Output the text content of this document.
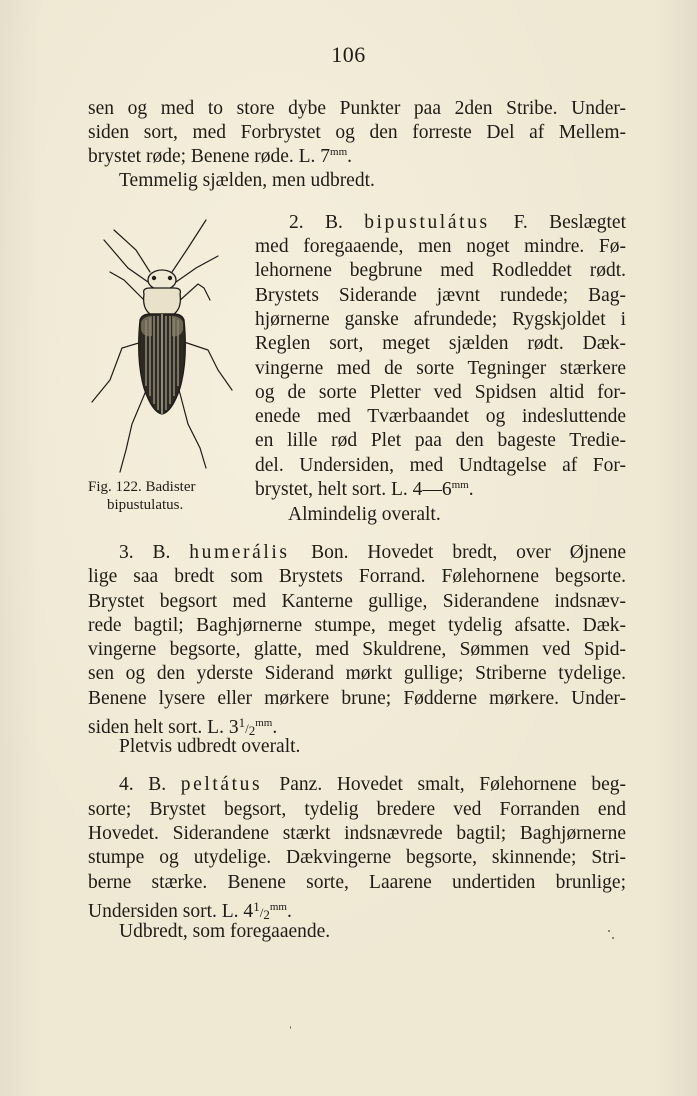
106
sen og med to store dybe Punkter paa 2den Stribe. Under-
siden sort, med Forbrystet og den forreste Del af Mellem-
brystet røde; Benene røde. L. $7^{mm}$.
Temmelig sjælden, men udbredt.
Fig. 122. Badister
bipustulatus.
2. B. bipustulátus F. Beslægtet
med foregaaende, men noget mindre. Fø-
lehornene begbrune med Rodleddet rødt.
Brystets Siderande jævnt rundede; Bag-
hjørnerne ganske afrundede; Rygskjoldet i
Reglen sort, meget sjælden rødt. Dæk-
vingerne med de sorte Tegninger stærkere
og de sorte Pletter ved Spidsen altid for-
enede med Tværbaandet og indesluttende
en lille rød Plet paa den bageste Tredie-
del. Undersiden, med Undtagelse af For-
brystet, helt sort. L. $4—6^{mm}$.
Almindelig overalt.
3. B. humerális Bon. Hovedet bredt, over Øjnene
lige saa bredt som Brystets Forrand. Følehornene begsorte.
Brystet begsort med Kanterne gullige, Siderandene indsnæv-
rede bagtil; Baghjørnerne stumpe, meget tydelig afsatte. Dæk-
vingerne begsorte, glatte, med Skuldrene, Sømmen ved Spid-
sen og den yderste Siderand mørkt gullige; Striberne tydelige.
Benene lysere eller mørkere brune; Fødderne mørkere. Under-
siden helt sort. L. $31/2^{mm}$.
Pletvis udbredt overalt.
4. B. peltátus Panz. Hovedet smalt, Følehornene beg-
sorte; Brystet begsort, tydelig bredere ved Forranden end
Hovedet. Siderandene stærkt indsnævrede bagtil; Baghjørnerne
stumpe og utydelige. Dækvingerne begsorte, skinnende; Stri-
berne stærke. Benene sorte, Laarene undertiden brunlige;
Undersiden sort. L. $41/2^{mm}$.
Udbredt, som foregaaende.
